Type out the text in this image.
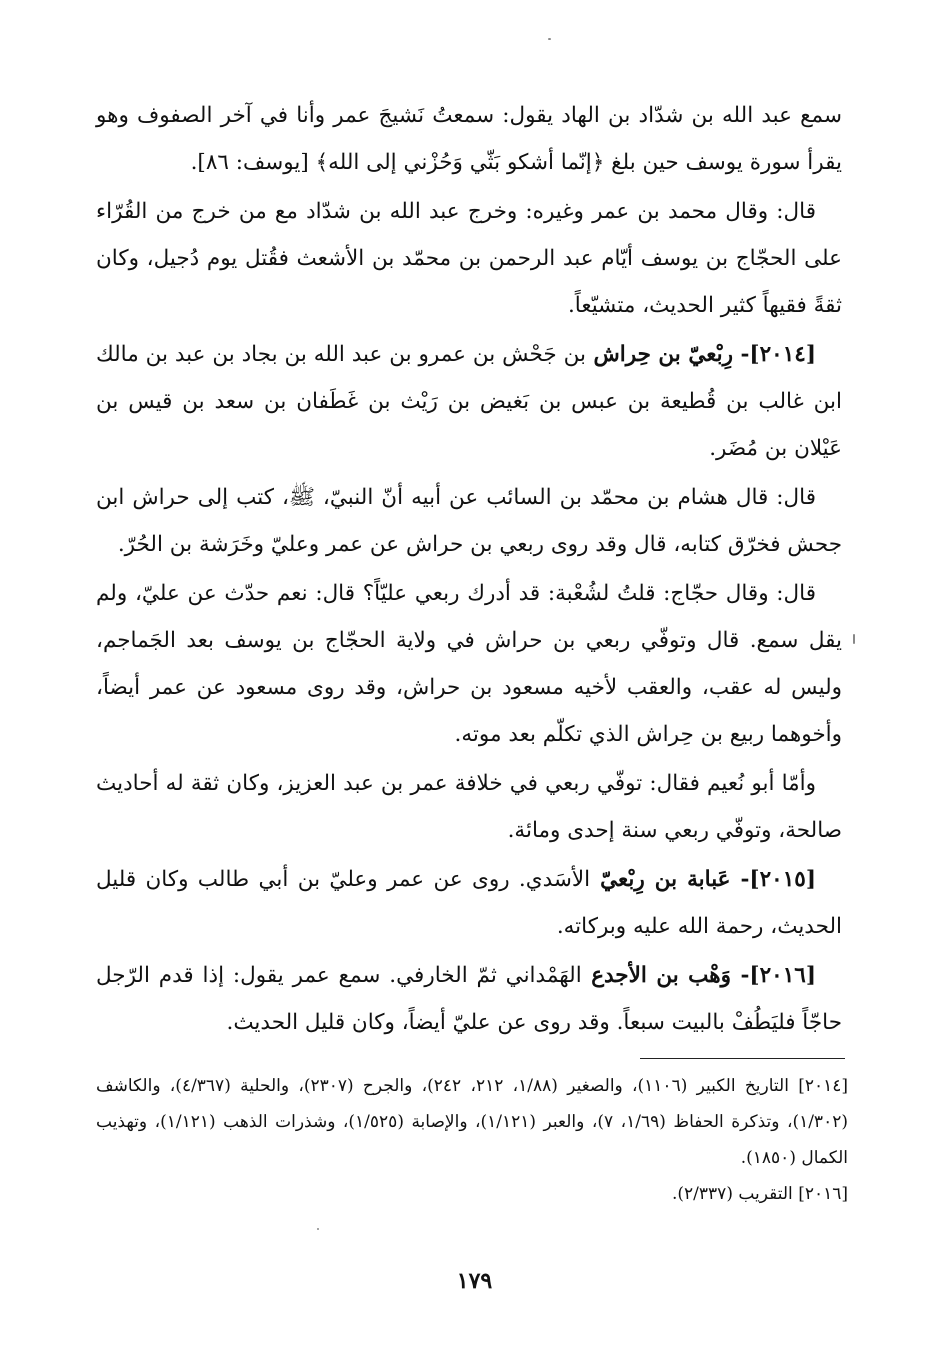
سمع عبد الله بن شدّاد بن الهاد يقول: سمعتُ نَشيجَ عمر وأنا في آخر الصفوف وهو يقرأ سورة يوسف حين بلغ ﴿إنّما أشكو بَثّي وَحُزْني إلى الله﴾ [يوسف: ٨٦].

قال: وقال محمد بن عمر وغيره: وخرج عبد الله بن شدّاد مع من خرج من القُرّاء على الحجّاج بن يوسف أيّام عبد الرحمن بن محمّد بن الأشعث فقُتل يوم دُجيل، وكان ثقةً فقيهاً كثير الحديث، متشيّعاً.

[٢٠١٤]- رِبْعيّ بن حِراش بن جَحْش بن عمرو بن عبد الله بن بجاد بن عبد بن مالك ابن غالب بن قُطيعة بن عبس بن بَغيض بن رَيْث بن غَطَفان بن سعد بن قيس بن عَيْلان بن مُضَر.

قال: قال هشام بن محمّد بن السائب عن أبيه أنّ النبيّ، ﷺ، كتب إلى حراش ابن جحش فخرّق كتابه، قال وقد روى ربعي بن حراش عن عمر وعليّ وخَرَشة بن الحُرّ.

قال: وقال حجّاج: قلتُ لشُعْبة: قد أدرك ربعي عليّاً؟ قال: نعم حدّث عن عليّ، ولم يقل سمع. قال وتوفّي ربعي بن حراش في ولاية الحجّاج بن يوسف بعد الجَماجم، وليس له عقب، والعقب لأخيه مسعود بن حراش، وقد روى مسعود عن عمر أيضاً، وأخوهما ربيع بن حِراش الذي تكلّم بعد موته.

وأمّا أبو نُعيم فقال: توفّي ربعي في خلافة عمر بن عبد العزيز، وكان ثقة له أحاديث صالحة، وتوفّي ربعي سنة إحدى ومائة.

[٢٠١٥]- عَبابة بن رِبْعيّ الأسَدي. روى عن عمر وعليّ بن أبي طالب وكان قليل الحديث، رحمة الله عليه وبركاته.

[٢٠١٦]- وَهْب بن الأجدع الهَمْداني ثمّ الخارفي. سمع عمر يقول: إذا قدم الرّجل حاجّاً فليَطُفْ بالبيت سبعاً. وقد روى عن عليّ أيضاً، وكان قليل الحديث.

[٢٠١٤] التاريخ الكبير (١١٠٦)، والصغير (١/٨٨، ٢١٢، ٢٤٢)، والجرح (٢٣٠٧)، والحلية (٤/٣٦٧)، والكاشف (١/٣٠٢)، وتذكرة الحفاظ (١/٦٩، ٧)، والعبر (١/١٢١)، والإصابة (١/٥٢٥)، وشذرات الذهب (١/١٢١)، وتهذيب الكمال (١٨٥٠).

[٢٠١٦] التقريب (٢/٣٣٧).

١٧٩
